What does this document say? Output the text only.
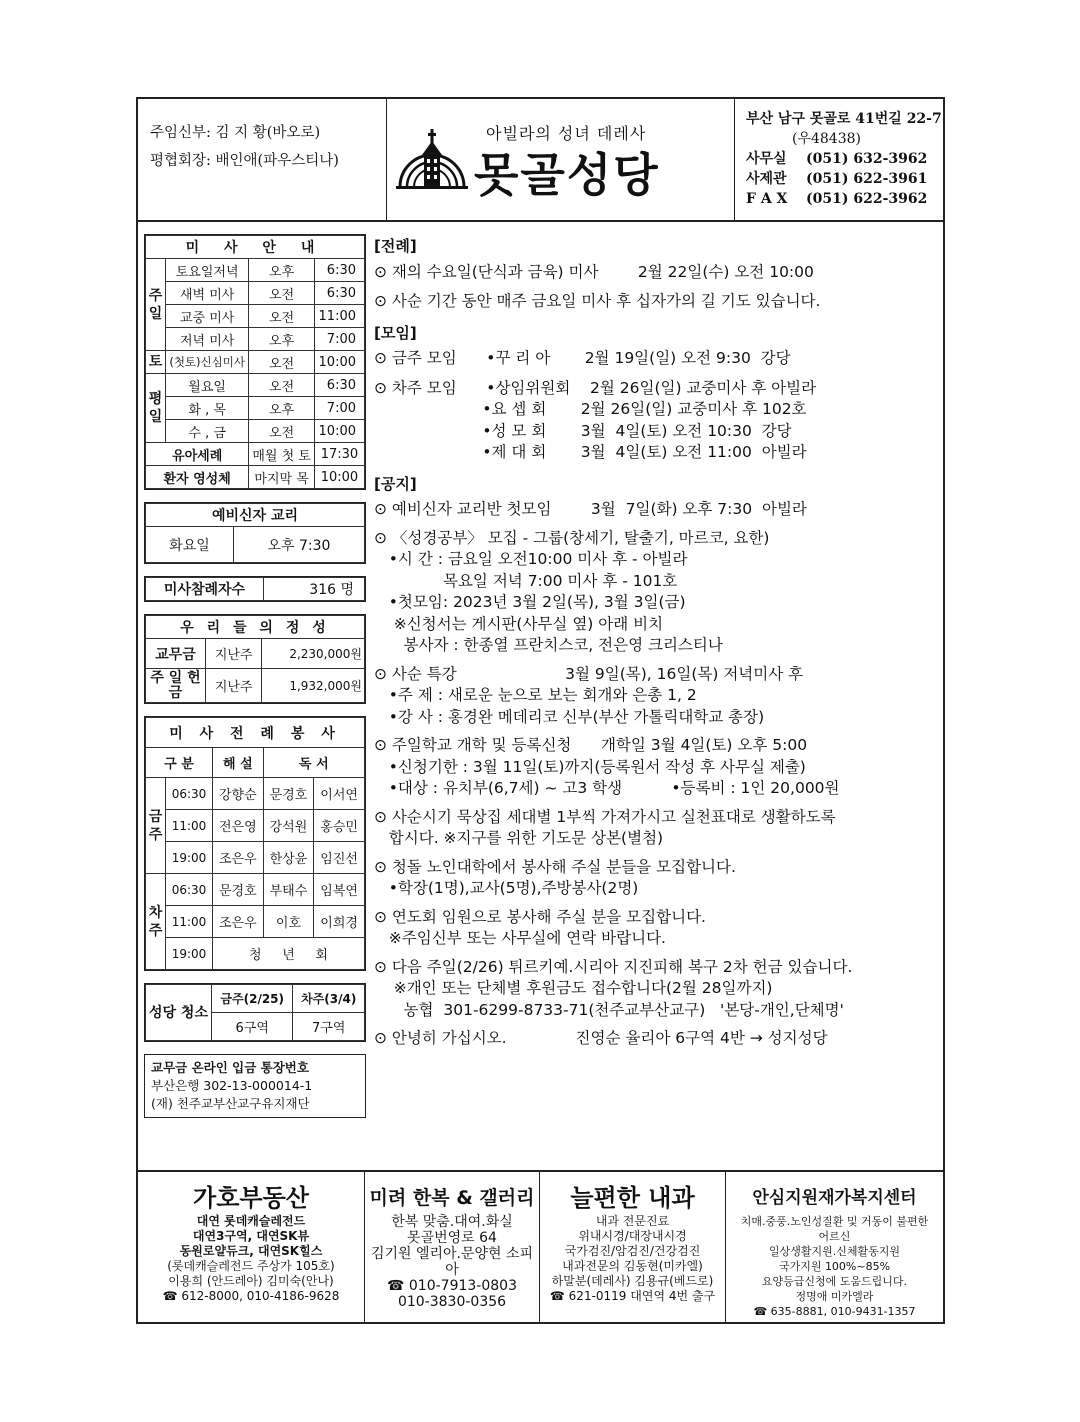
주임신부: 김 지 황(바오로)
평협회장: 배인애(파우스티나)
아빌라의 성녀 데레사
못골성당
부산 남구 못골로 41번길 22-7
(우48438)
사무실 (051) 632-3962
사제관 (051) 622-3961
F A X (051) 622-3962
미 사 안 내			
주일	토요일저녁	오후	6:30
	새벽 미사	오전	6:30
	교중 미사	오전	11:00
	저녁 미사	오후	7:00
토	(첫토)신심미사	오전	10:00
평일	월요일	오전	6:30
	화 , 목	오후	7:00
	수 , 금	오전	10:00
유아세례		매월 첫 토	17:30
환자 영성체		마지막 목	10:00
예비신자 교리
화요일	오후 7:30
미사참례자수	316 명
우 리 들 의 정 성		
교무금	지난주	2,230,000원
주 일 헌 금	지난주	1,932,000원
미 사 전 례 봉 사				
구 분		해 설	독 서	
금주	06:30	강향순	문경호	이서연
	11:00	전은영	강석원	홍승민
	19:00	조은우	한상윤	임진선
차주	06:30	문경호	부태수	임복연
	11:00	조은우	이호	이희경
	19:00	청     년     회		
성당 청소	금주(2/25)	차주(3/4)
	6구역	7구역
교무금 온라인 입금 통장번호
부산은행 302-13-000014-1
(재) 천주교부산교구유지재단
[전례]
⊙ 재의 수요일(단식과 금육) 미사        2월 22일(수) 오전 10:00
⊙ 사순 기간 동안 매주 금요일 미사 후 십자가의 길 기도 있습니다.
[모임]
⊙ 금주 모임      •꾸 리 아       2월 19일(일) 오전 9:30  강당
⊙ 차주 모임      •상임위원회    2월 26일(일) 교중미사 후 아빌라
•요 셉 회       2월 26일(일) 교중미사 후 102호
•성 모 회       3월  4일(토) 오전 10:30  강당
•제 대 회       3월  4일(토) 오전 11:00  아빌라
[공지]
⊙ 예비신자 교리반 첫모임        3월  7일(화) 오후 7:30  아빌라
⊙ 〈성경공부〉 모집 - 그룹(창세기, 탈출기, 마르코, 요한)
•시 간 : 금요일 오전10:00 미사 후 - 아빌라
목요일 저녁 7:00 미사 후 - 101호
•첫모임: 2023년 3월 2일(목), 3월 3일(금)
※신청서는 게시판(사무실 옆) 아래 비치
봉사자 : 한종열 프란치스코, 전은영 크리스티나
⊙ 사순 특강                      3월 9일(목), 16일(목) 저녁미사 후
•주 제 : 새로운 눈으로 보는 회개와 은총 1, 2
•강 사 : 홍경완 메데리코 신부(부산 가톨릭대학교 총장)
⊙ 주일학교 개학 및 등록신청      개학일 3월 4일(토) 오후 5:00
•신청기한 : 3월 11일(토)까지(등록원서 작성 후 사무실 제출)
•대상 : 유치부(6,7세) ~ 고3 학생          •등록비 : 1인 20,000원
⊙ 사순시기 묵상집 세대별 1부씩 가져가시고 실천표대로 생활하도록
합시다. ※지구를 위한 기도문 상본(별첨)
⊙ 청돌 노인대학에서 봉사해 주실 분들을 모집합니다.
•학장(1명),교사(5명),주방봉사(2명)
⊙ 연도회 임원으로 봉사해 주실 분을 모집합니다.
※주임신부 또는 사무실에 연락 바랍니다.
⊙ 다음 주일(2/26) 튀르키예.시리아 지진피해 복구 2차 헌금 있습니다.
※개인 또는 단체별 후원금도 접수합니다(2월 28일까지)
농협  301-6299-8733-71(천주교부산교구)   '본당-개인,단체명'
⊙ 안녕히 가십시오.              진영순 율리아 6구역 4반 → 성지성당
가호부동산
대연 롯데캐슬레전드
대연3구역, 대연SK뷰
동원로얄듀크, 대연SK힐스
(롯데캐슬레전드 주상가 105호)
이용희 (안드레아) 김미숙(안나)
☎ 612-8000, 010-4186-9628
미려 한복 & 갤러리
한복 맞춤.대여.화실
못골번영로 64
김기원 엘리아.문양현 소피아
☎ 010-7913-0803
010-3830-0356
늘편한 내과
내과 전문진료
위내시경/대장내시경
국가검진/암검진/건강검진
내과전문의 김동현(미카엘)
하말분(데레사) 김용규(베드로)
☎ 621-0119 대연역 4번 출구
안심지원재가복지센터
치매.중풍.노인성질환 및 거동이 불편한
어르신
일상생활지원.신체활동지원
국가지원 100%~85%
요양등급신청에 도움드립니다.
정명애 미카엘라
☎ 635-8881, 010-9431-1357
